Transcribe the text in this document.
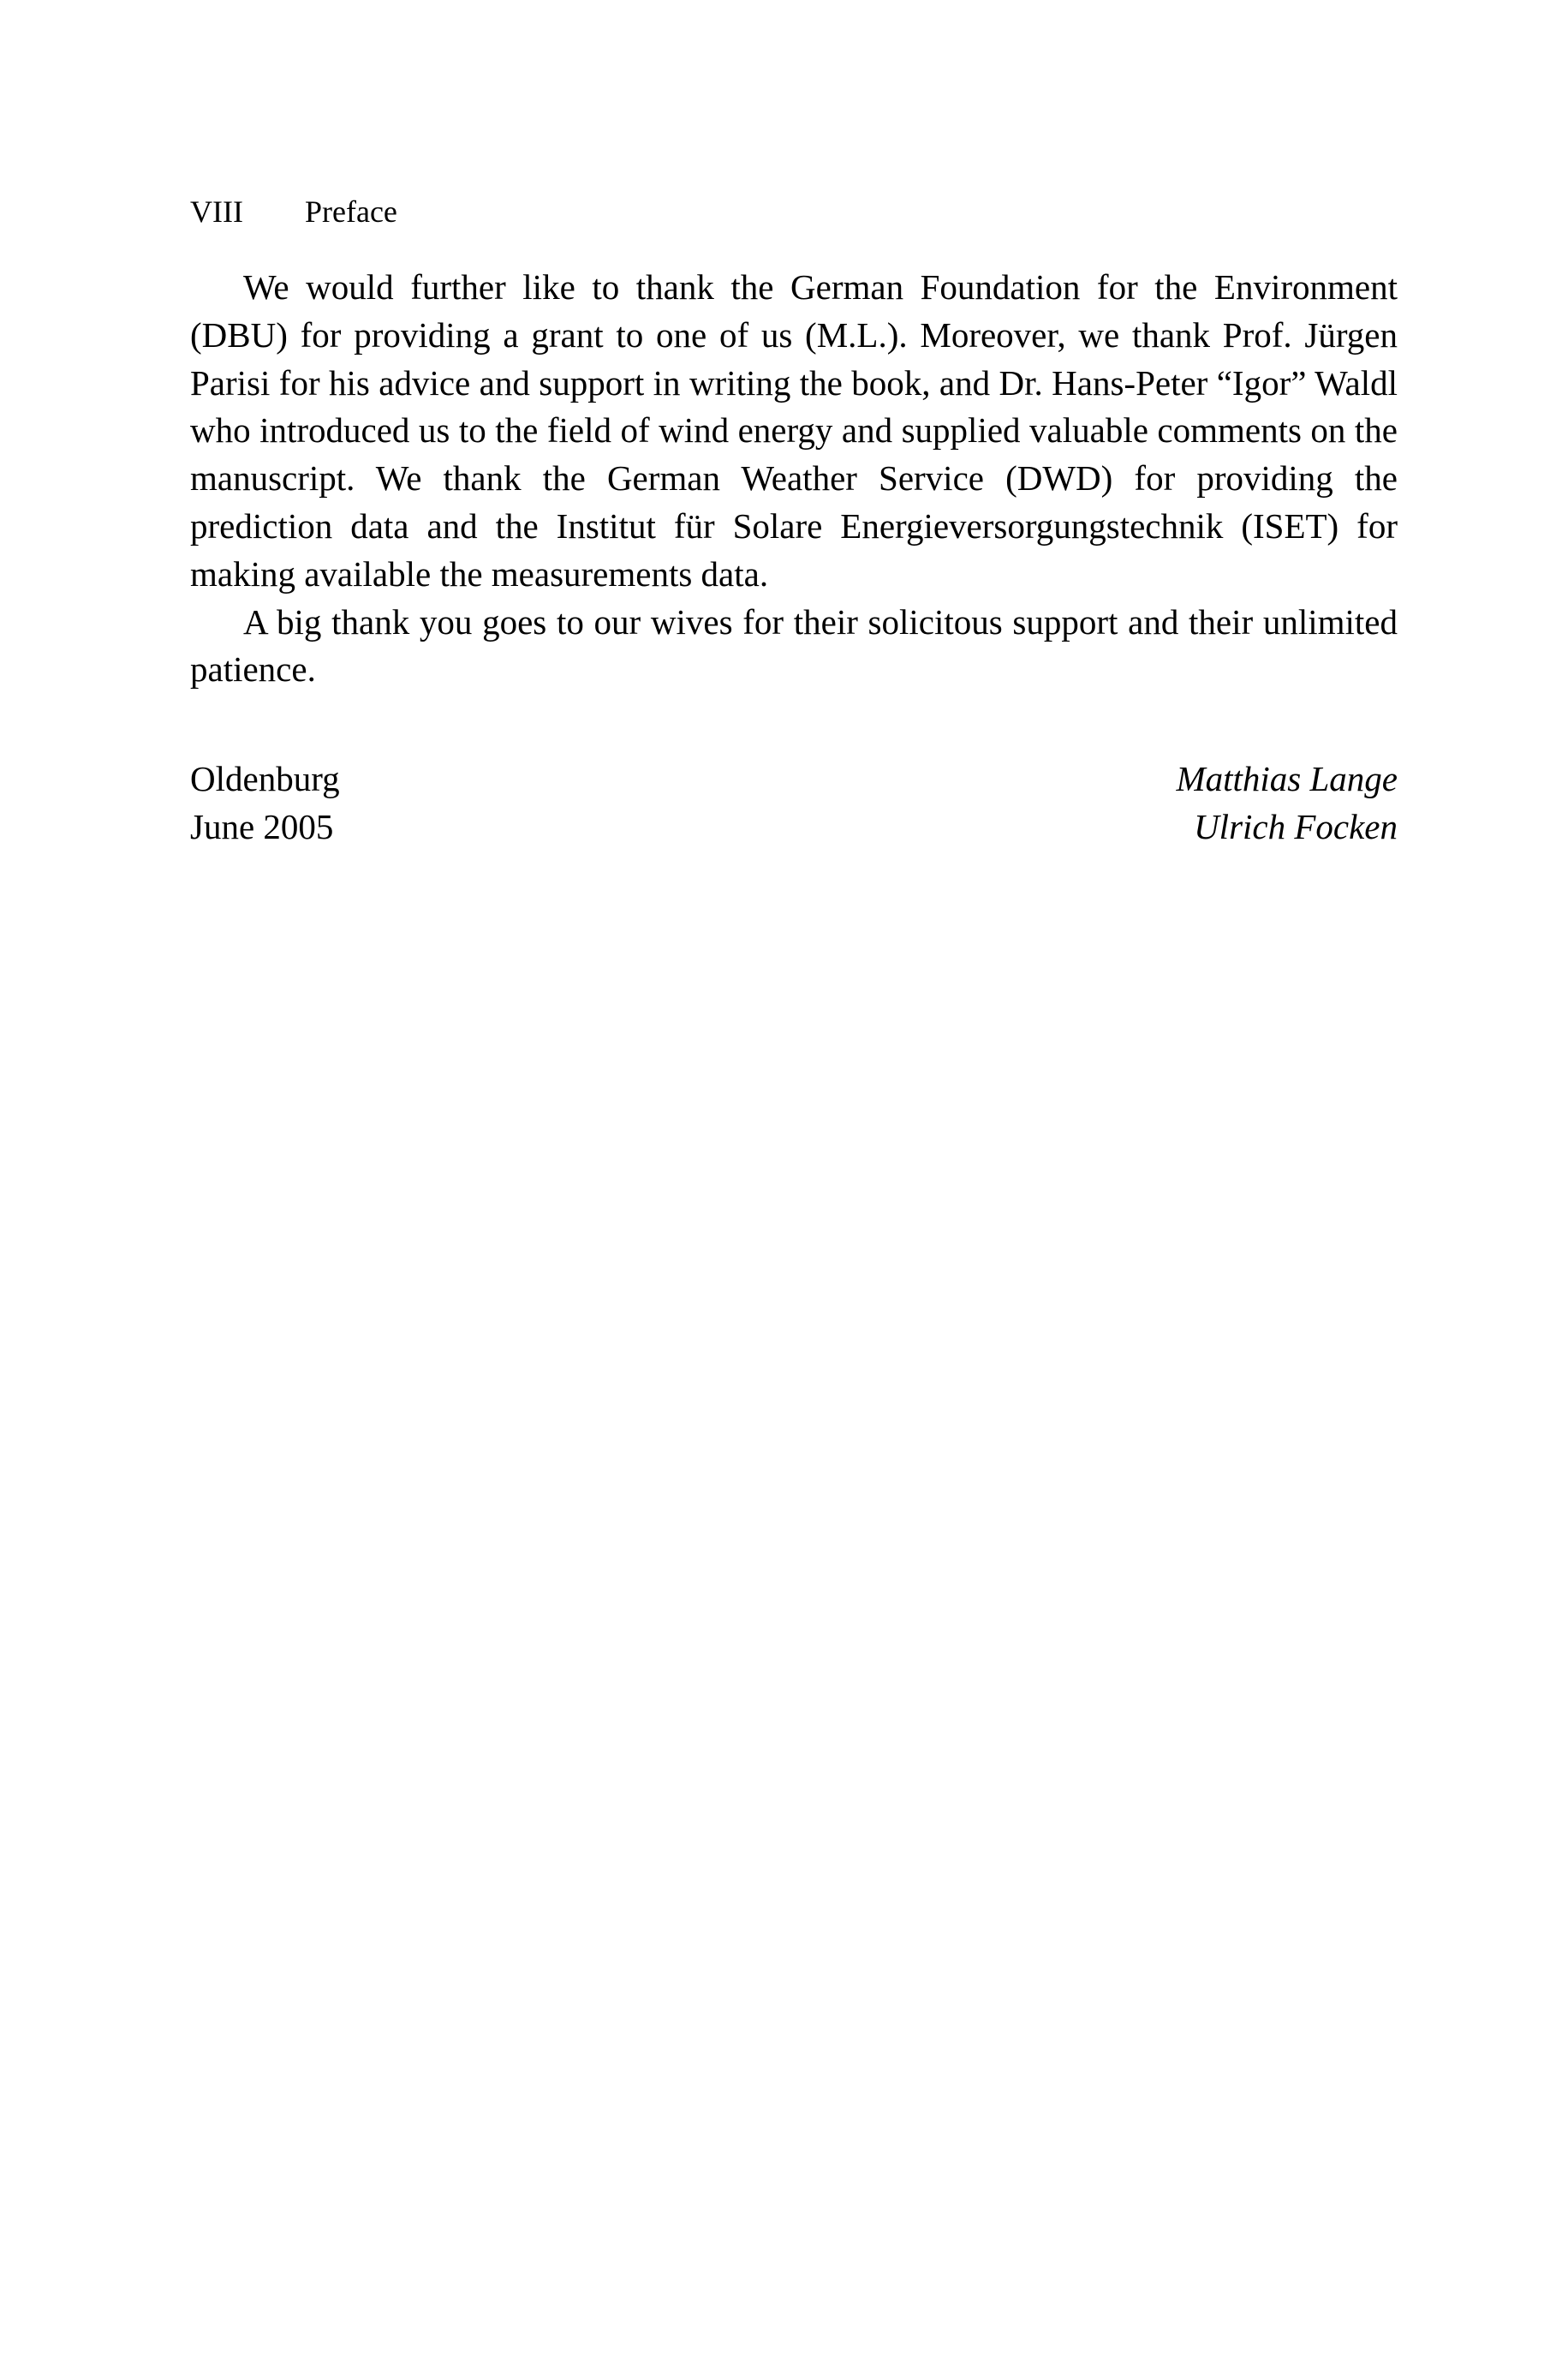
VIII Preface

We would further like to thank the German Foundation for the Environment (DBU) for providing a grant to one of us (M.L.). Moreover, we thank Prof. Jürgen Parisi for his advice and support in writing the book, and Dr. Hans-Peter “Igor” Waldl who introduced us to the field of wind energy and supplied valuable comments on the manuscript. We thank the German Weather Service (DWD) for providing the prediction data and the Institut für Solare Energieversorgungstechnik (ISET) for making available the measurements data.

A big thank you goes to our wives for their solicitous support and their unlimited patience.

Oldenburg
June 2005
Matthias Lange
Ulrich Focken
